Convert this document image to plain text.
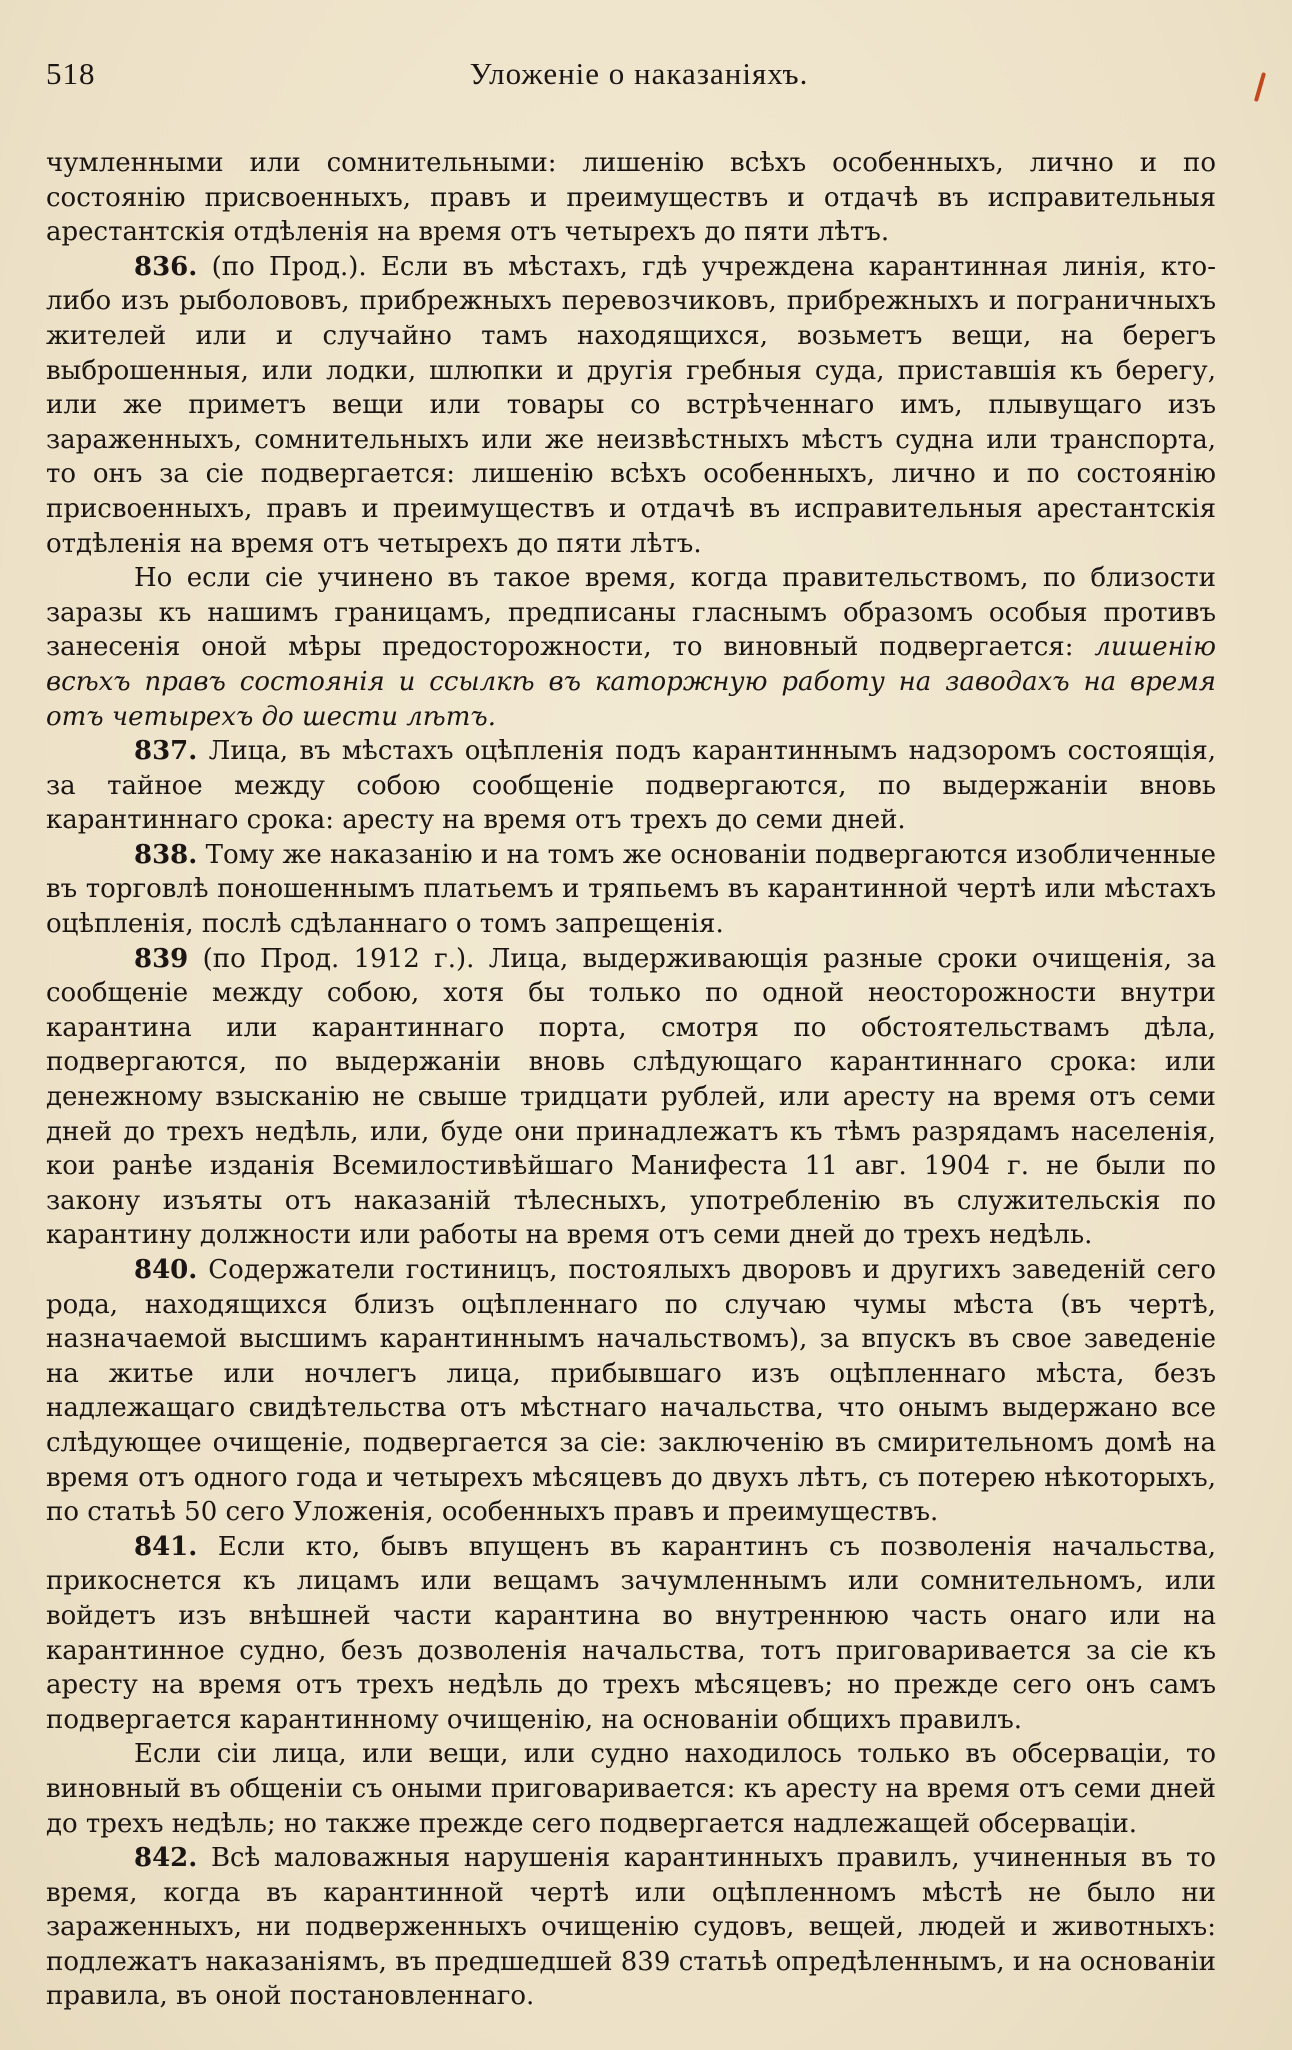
518	Уложеніе о наказаніяхъ.

чумленными или сомнительными: лишенію всѣхъ особенныхъ, лично и по состоянію присвоенныхъ, правъ и преимуществъ и отдачѣ въ исправительныя арестантскія отдѣленія на время отъ четырехъ до пяти лѣтъ.

836. (по Прод.). Если въ мѣстахъ, гдѣ учреждена карантинная линія, кто-либо изъ рыболововъ, прибрежныхъ перевозчиковъ, прибрежныхъ и пограничныхъ жителей или и случайно тамъ находящихся, возьметъ вещи, на берегъ выброшенныя, или лодки, шлюпки и другія гребныя суда, приставшія къ берегу, или же приметъ вещи или товары со встрѣченнаго имъ, плывущаго изъ зараженныхъ, сомнительныхъ или же неизвѣстныхъ мѣстъ судна или транспорта, то онъ за сіе подвергается: лишенію всѣхъ особенныхъ, лично и по состоянію присвоенныхъ, правъ и преимуществъ и отдачѣ въ исправительныя арестантскія отдѣленія на время отъ четырехъ до пяти лѣтъ.

Но если сіе учинено въ такое время, когда правительствомъ, по близости заразы къ нашимъ границамъ, предписаны гласнымъ образомъ особыя противъ занесенія оной мѣры предосторожности, то виновный подвергается: лишенію всѣхъ правъ состоянія и ссылкѣ въ каторжную работу на заводахъ на время отъ четырехъ до шести лѣтъ.

837. Лица, въ мѣстахъ оцѣпленія подъ карантиннымъ надзоромъ состоящія, за тайное между собою сообщеніе подвергаются, по выдержаніи вновь карантиннаго срока: аресту на время отъ трехъ до семи дней.

838. Тому же наказанію и на томъ же основаніи подвергаются изобличенные въ торговлѣ поношеннымъ платьемъ и тряпьемъ въ карантинной чертѣ или мѣстахъ оцѣпленія, послѣ сдѣланнаго о томъ запрещенія.

839 (по Прод. 1912 г.). Лица, выдерживающія разные сроки очищенія, за сообщеніе между собою, хотя бы только по одной неосторожности внутри карантина или карантиннаго порта, смотря по обстоятельствамъ дѣла, подвергаются, по выдержаніи вновь слѣдующаго карантиннаго срока: или денежному взысканію не свыше тридцати рублей, или аресту на время отъ семи дней до трехъ недѣль, или, буде они принадлежатъ къ тѣмъ разрядамъ населенія, кои ранѣе изданія Всемилостивѣйшаго Манифеста 11 авг. 1904 г. не были по закону изъяты отъ наказаній тѣлесныхъ, употребленію въ служительскія по карантину должности или работы на время отъ семи дней до трехъ недѣль.

840. Содержатели гостиницъ, постоялыхъ дворовъ и другихъ заведеній сего рода, находящихся близъ оцѣпленнаго по случаю чумы мѣста (въ чертѣ, назначаемой высшимъ карантиннымъ начальствомъ), за впускъ въ свое заведеніе на житье или ночлегъ лица, прибывшаго изъ оцѣпленнаго мѣста, безъ надлежащаго свидѣтельства отъ мѣстнаго начальства, что онымъ выдержано все слѣдующее очищеніе, подвергается за сіе: заключенію въ смирительномъ домѣ на время отъ одного года и четырехъ мѣсяцевъ до двухъ лѣтъ, съ потерею нѣкоторыхъ, по статьѣ 50 сего Уложенія, особенныхъ правъ и преимуществъ.

841. Если кто, бывъ впущенъ въ карантинъ съ позволенія начальства, прикоснется къ лицамъ или вещамъ зачумленнымъ или сомнительномъ, или войдетъ изъ внѣшней части карантина во внутреннюю часть онаго или на карантинное судно, безъ дозволенія начальства, тотъ приговаривается за сіе къ аресту на время отъ трехъ недѣль до трехъ мѣсяцевъ; но прежде сего онъ самъ подвергается карантинному очищенію, на основаніи общихъ правилъ.

Если сіи лица, или вещи, или судно находилось только въ обсерваціи, то виновный въ общеніи съ оными приговаривается: къ аресту на время отъ семи дней до трехъ недѣль; но также прежде сего подвергается надлежащей обсерваціи.

842. Всѣ маловажныя нарушенія карантинныхъ правилъ, учиненныя въ то время, когда въ карантинной чертѣ или оцѣпленномъ мѣстѣ не было ни зараженныхъ, ни подверженныхъ очищенію судовъ, вещей, людей и животныхъ: подлежатъ наказаніямъ, въ предшедшей 839 статьѣ опредѣленнымъ, и на основаніи правила, въ оной постановленнаго.
